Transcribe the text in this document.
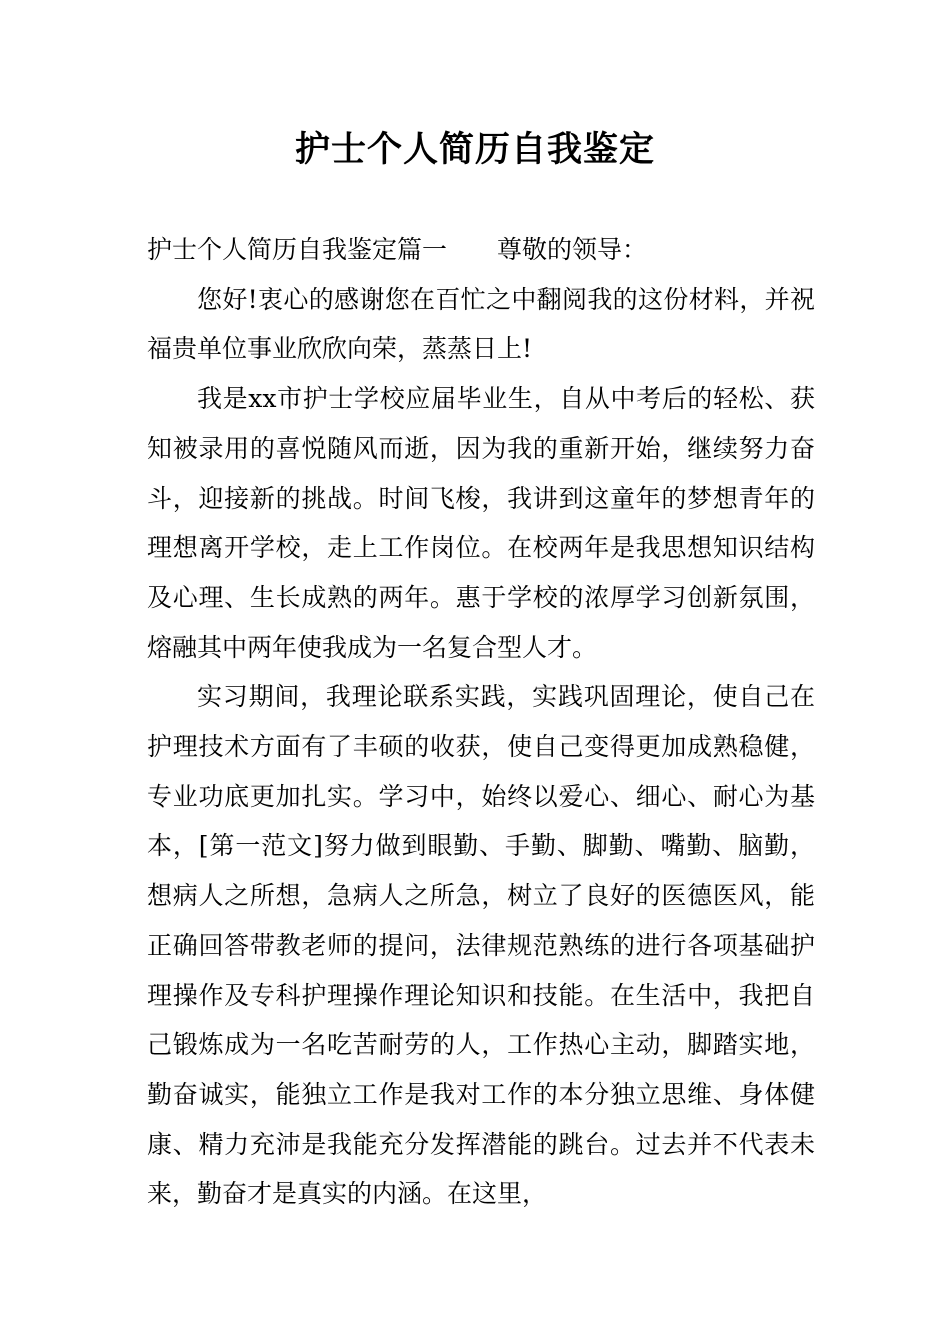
护士个人简历自我鉴定

护士个人简历自我鉴定篇一 尊敬的领导：

您好!衷心的感谢您在百忙之中翻阅我的这份材料，并祝福贵单位事业欣欣向荣，蒸蒸日上!

我是xx市护士学校应届毕业生，自从中考后的轻松、获知被录用的喜悦随风而逝，因为我的重新开始，继续努力奋斗，迎接新的挑战。时间飞梭，我讲到这童年的梦想青年的理想离开学校，走上工作岗位。在校两年是我思想知识结构及心理、生长成熟的两年。惠于学校的浓厚学习创新氛围，熔融其中两年使我成为一名复合型人才。

实习期间，我理论联系实践，实践巩固理论，使自己在护理技术方面有了丰硕的收获，使自己变得更加成熟稳健，专业功底更加扎实。学习中，始终以爱心、细心、耐心为基本，[第一范文]努力做到眼勤、手勤、脚勤、嘴勤、脑勤，想病人之所想，急病人之所急，树立了良好的医德医风，能正确回答带教老师的提问，法律规范熟练的进行各项基础护理操作及专科护理操作理论知识和技能。在生活中，我把自己锻炼成为一名吃苦耐劳的人，工作热心主动，脚踏实地，勤奋诚实，能独立工作是我对工作的本分独立思维、身体健康、精力充沛是我能充分发挥潜能的跳台。过去并不代表未来，勤奋才是真实的内涵。在这里，
